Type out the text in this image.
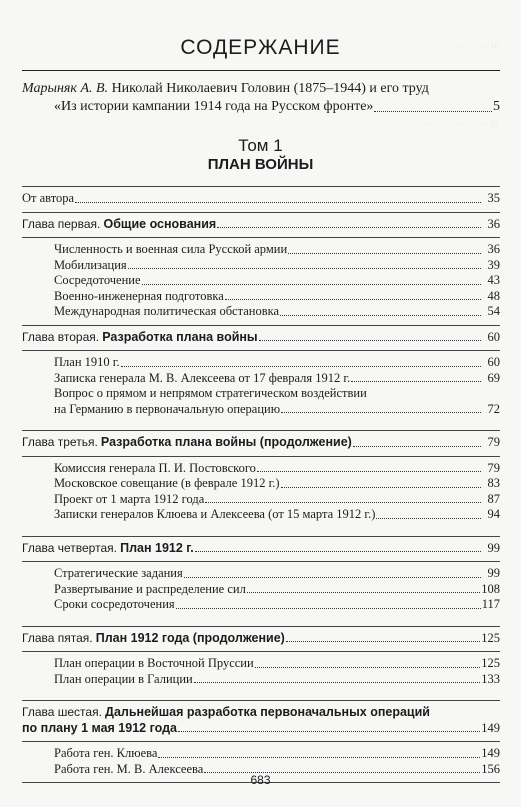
··· ··· ··· ··· ··· ··· ··· 16
··· ··· ··· ··· ··· ··· ··· 37
СОДЕРЖАНИЕ
Марыняк А. В. Николай Николаевич Головин (1875–1944) и его труд
«Из истории кампании 1914 года на Русском фронте»	5
Том 1
ПЛАН ВОЙНЫ
От автора	35
Глава первая. Общие основания	36
Численность и военная сила Русской армии	36
Мобилизация	39
Сосредоточение	43
Военно-инженерная подготовка	48
Международная политическая обстановка	54
Глава вторая. Разработка плана войны	60
План 1910 г.	60
Записка генерала М. В. Алексеева от 17 февраля 1912 г.	69
Вопрос о прямом и непрямом стратегическом воздействии
на Германию в первоначальную операцию	72
Глава третья. Разработка плана войны (продолжение)	79
Комиссия генерала П. И. Постовского	79
Московское совещание (в феврале 1912 г.)	83
Проект от 1 марта 1912 года	87
Записки генералов Клюева и Алексеева (от 15 марта 1912 г.)	94
Глава четвертая. План 1912 г.	99
Стратегические задания	99
Развертывание и распределение сил	108
Сроки сосредоточения	117
Глава пятая. План 1912 года (продолжение)	125
План операции в Восточной Пруссии	125
План операции в Галиции	133
Глава шестая. Дальнейшая разработка первоначальных операций
по плану 1 мая 1912 года	149
Работа ген. Клюева	149
Работа ген. М. В. Алексеева	156
683
